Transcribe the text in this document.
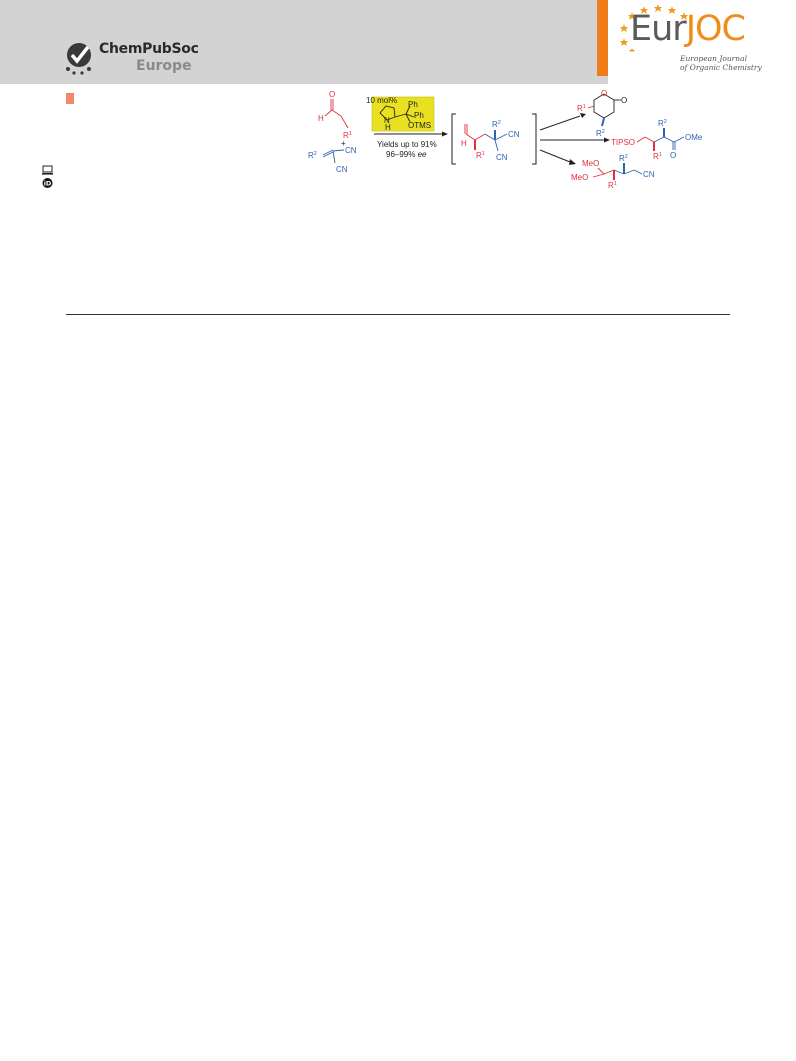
ChemPubSoc
Europe
EurJOC
European Journal
of Organic Chemistry
iD
O
H
$R^1$
+
$R^2$	CN
CN
10 mol% Ph
Ph
OTMS
N
H
Yields up to 91%
96–99% ee
H
$R^1$
$R^2$
CN
CN
O
O
$R^1$
$R^2$
TIPSO
$R^2$
$R^1$ O
OMe
MeO
MeO
$R^2$
$R^1$
CN
